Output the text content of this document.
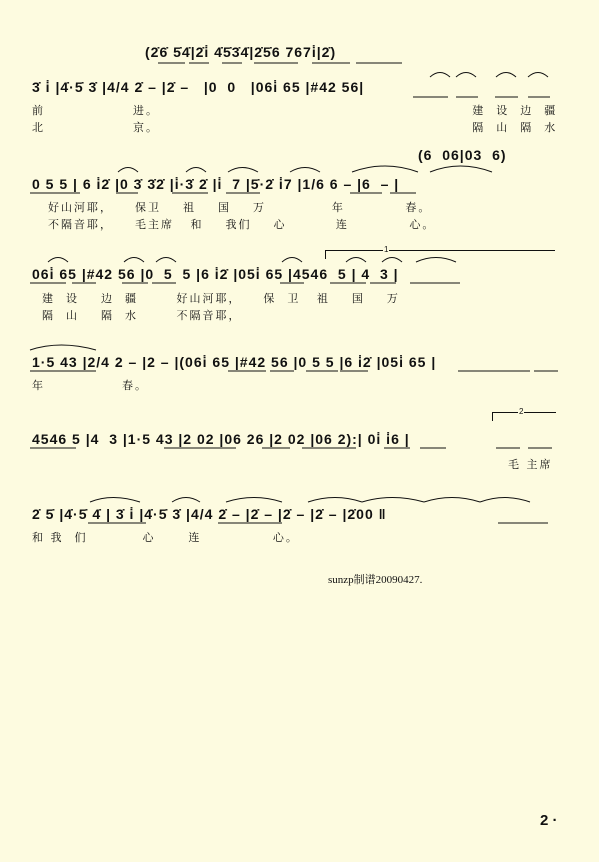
(2̇6̇ 5̇4̇|2̇i̇ 4̇5̇3̇4̇|2̇5̇6 767i̇|2̇)
3̇ i̇ |4̇·5̇ 3̇ |4/4 2̇ – |2̇ –   |0  0   |06i̇ 65 |#42 56|
前                进。                                                         建  设  边  疆
北                京。                                                         隔  山  隔  水
(6  06|03  6)
0 5 5 | 6 i̇2̇ |0 3̇ 3̇2̇ |i̇·3̇ 2̇ |i̇  7 |5̇·2̇ i̇7 |1/6 6 – |6  – |
好山河耶，    保卫    祖    国    万            年           春。
不隔音耶，    毛主席   和    我们    心         连           心。
1
06i̇ 65 |#42 56 |0  5  5 |6 i̇2̇ |05i̇ 65 |4546  5 | 4  3 |
建  设    边  疆       好山河耶，    保  卫   祖    国    万
隔  山    隔  水       不隔音耶，
1·5 43 |2/4 2 – |2 – |(06i̇ 65 |#42 56 |0 5 5 |6 i̇2̇ |05i̇ 65 |
年              春。
2
4546 5 |4  3 |1·5 43 |2 02 |06 26 |2 02 |06 2):| 0i̇ i̇6 |
毛 主席
2̇ 5̇ |4̇·5̇ 4̇ | 3̇ i̇ |4̇·5̇ 3̇ |4/4 2̇ – |2̇ – |2̇ – |2̇ – |2̇00 ‖
和 我  们          心      连             心。
sunzp制谱20090427.
2 ·
